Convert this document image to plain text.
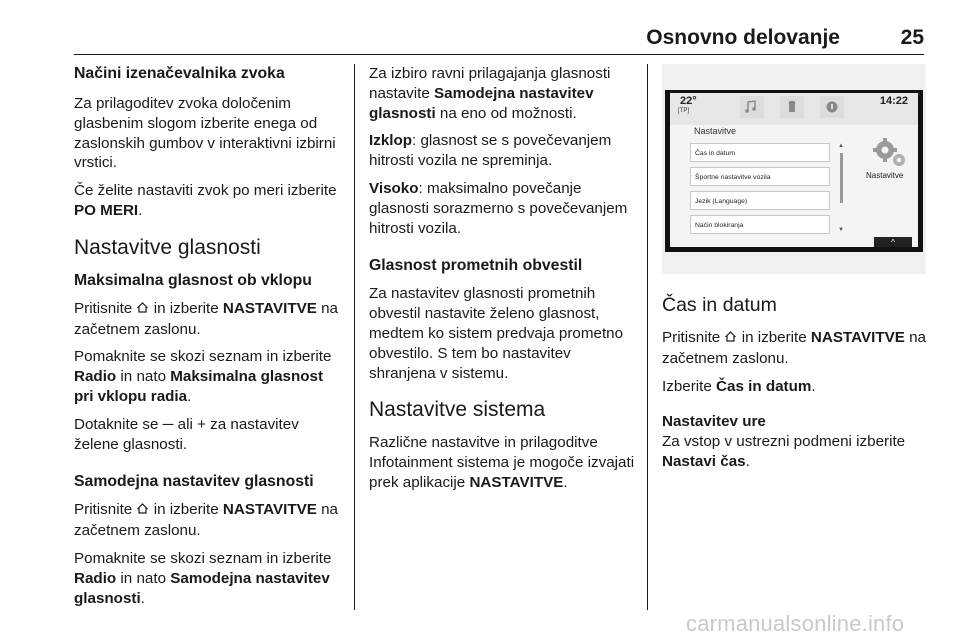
Osnovno delovanje	25
Načini izenačevalnika zvoka

Za prilagoditev zvoka določenim glasbenim slogom izberite enega od zaslonskih gumbov v interaktivni izbirni vrstici.

Če želite nastaviti zvok po meri izberite PO MERI.

Nastavitve glasnosti
Maksimalna glasnost ob vklopu

Pritisnite  in izberite NASTAVITVE na začetnem zaslonu.

Pomaknite se skozi seznam in izberite Radio in nato Maksimalna glasnost pri vklopu radia.

Dotaknite se ─ ali + za nastavitev želene glasnosti.

Samodejna nastavitev glasnosti

Pritisnite  in izberite NASTAVITVE na začetnem zaslonu.

Pomaknite se skozi seznam in izberite Radio in nato Samodejna nastavitev glasnosti.

Za izbiro ravni prilagajanja glasnosti nastavite Samodejna nastavitev glasnosti na eno od možnosti.

Izklop: glasnost se s povečevanjem hitrosti vozila ne spreminja.

Visoko: maksimalno povečanje glasnosti sorazmerno s povečevanjem hitrosti vozila.

Glasnost prometnih obvestil

Za nastavitev glasnosti prometnih obvestil nastavite želeno glasnost, medtem ko sistem predvaja prometno obvestilo. S tem bo nastavitev shranjena v sistemu.

Nastavitve sistema

Različne nastavitve in prilagoditve Infotainment sistema je mogoče izvajati prek aplikacije NASTAVITVE.

22°
[TP]
14:22
Nastavitve
Čas in datum
Športne nastavitve vozila
Jezik (Language)
Način blokiranja
▲
▼
Nastavitve
^
Čas in datum

Pritisnite  in izberite NASTAVITVE na začetnem zaslonu.

Izberite Čas in datum.

Nastavitev ure

Za vstop v ustrezni podmeni izberite Nastavi čas.

carmanualsonline.info
